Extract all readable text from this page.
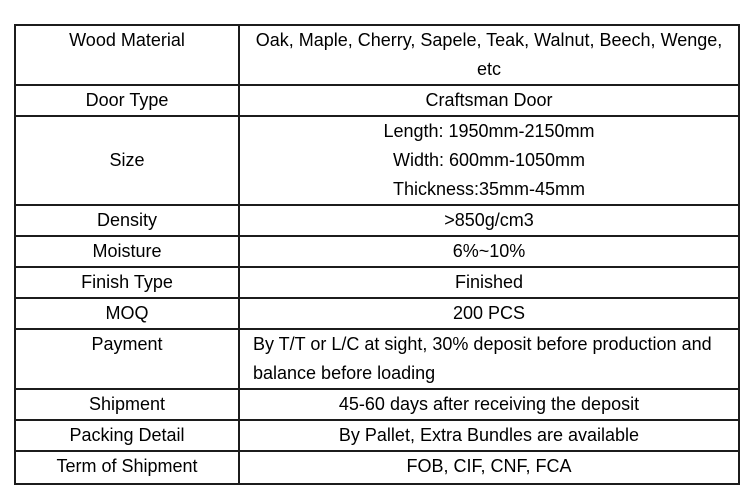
Wood Material	Oak, Maple, Cherry, Sapele, Teak, Walnut, Beech, Wenge, etc
Door Type	Craftsman Door
Size	Length: 1950mm-2150mm
Width: 600mm-1050mm
Thickness:35mm-45mm

Density	>850g/cm3
Moisture	6%~10%
Finish Type	Finished
MOQ	200 PCS
Payment	By T/T or L/C at sight, 30% deposit before production and balance before loading
Shipment	45-60 days after receiving the deposit
Packing Detail	By Pallet, Extra Bundles are available
Term of Shipment	FOB, CIF, CNF, FCA
